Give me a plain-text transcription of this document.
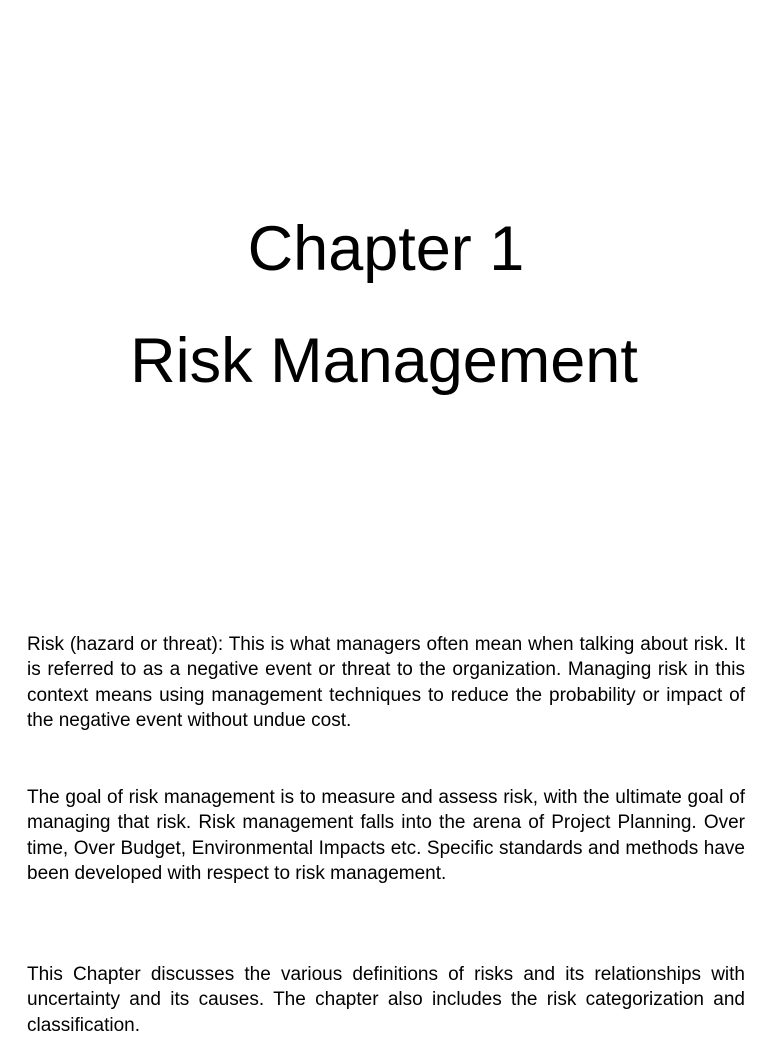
Chapter 1
Risk Management

Risk (hazard or threat): This is what managers often mean when talking about risk. It is referred to as a negative event or threat to the organization. Managing risk in this context means using management techniques to reduce the probability or impact of the negative event without undue cost.

The goal of risk management is to measure and assess risk, with the ultimate goal of managing that risk. Risk management falls into the arena of Project Planning. Over time, Over Budget, Environmental Impacts etc. Specific standards and methods have been developed with respect to risk management.

This Chapter discusses the various definitions of risks and its relationships with uncertainty and its causes. The chapter also includes the risk categorization and classification.
